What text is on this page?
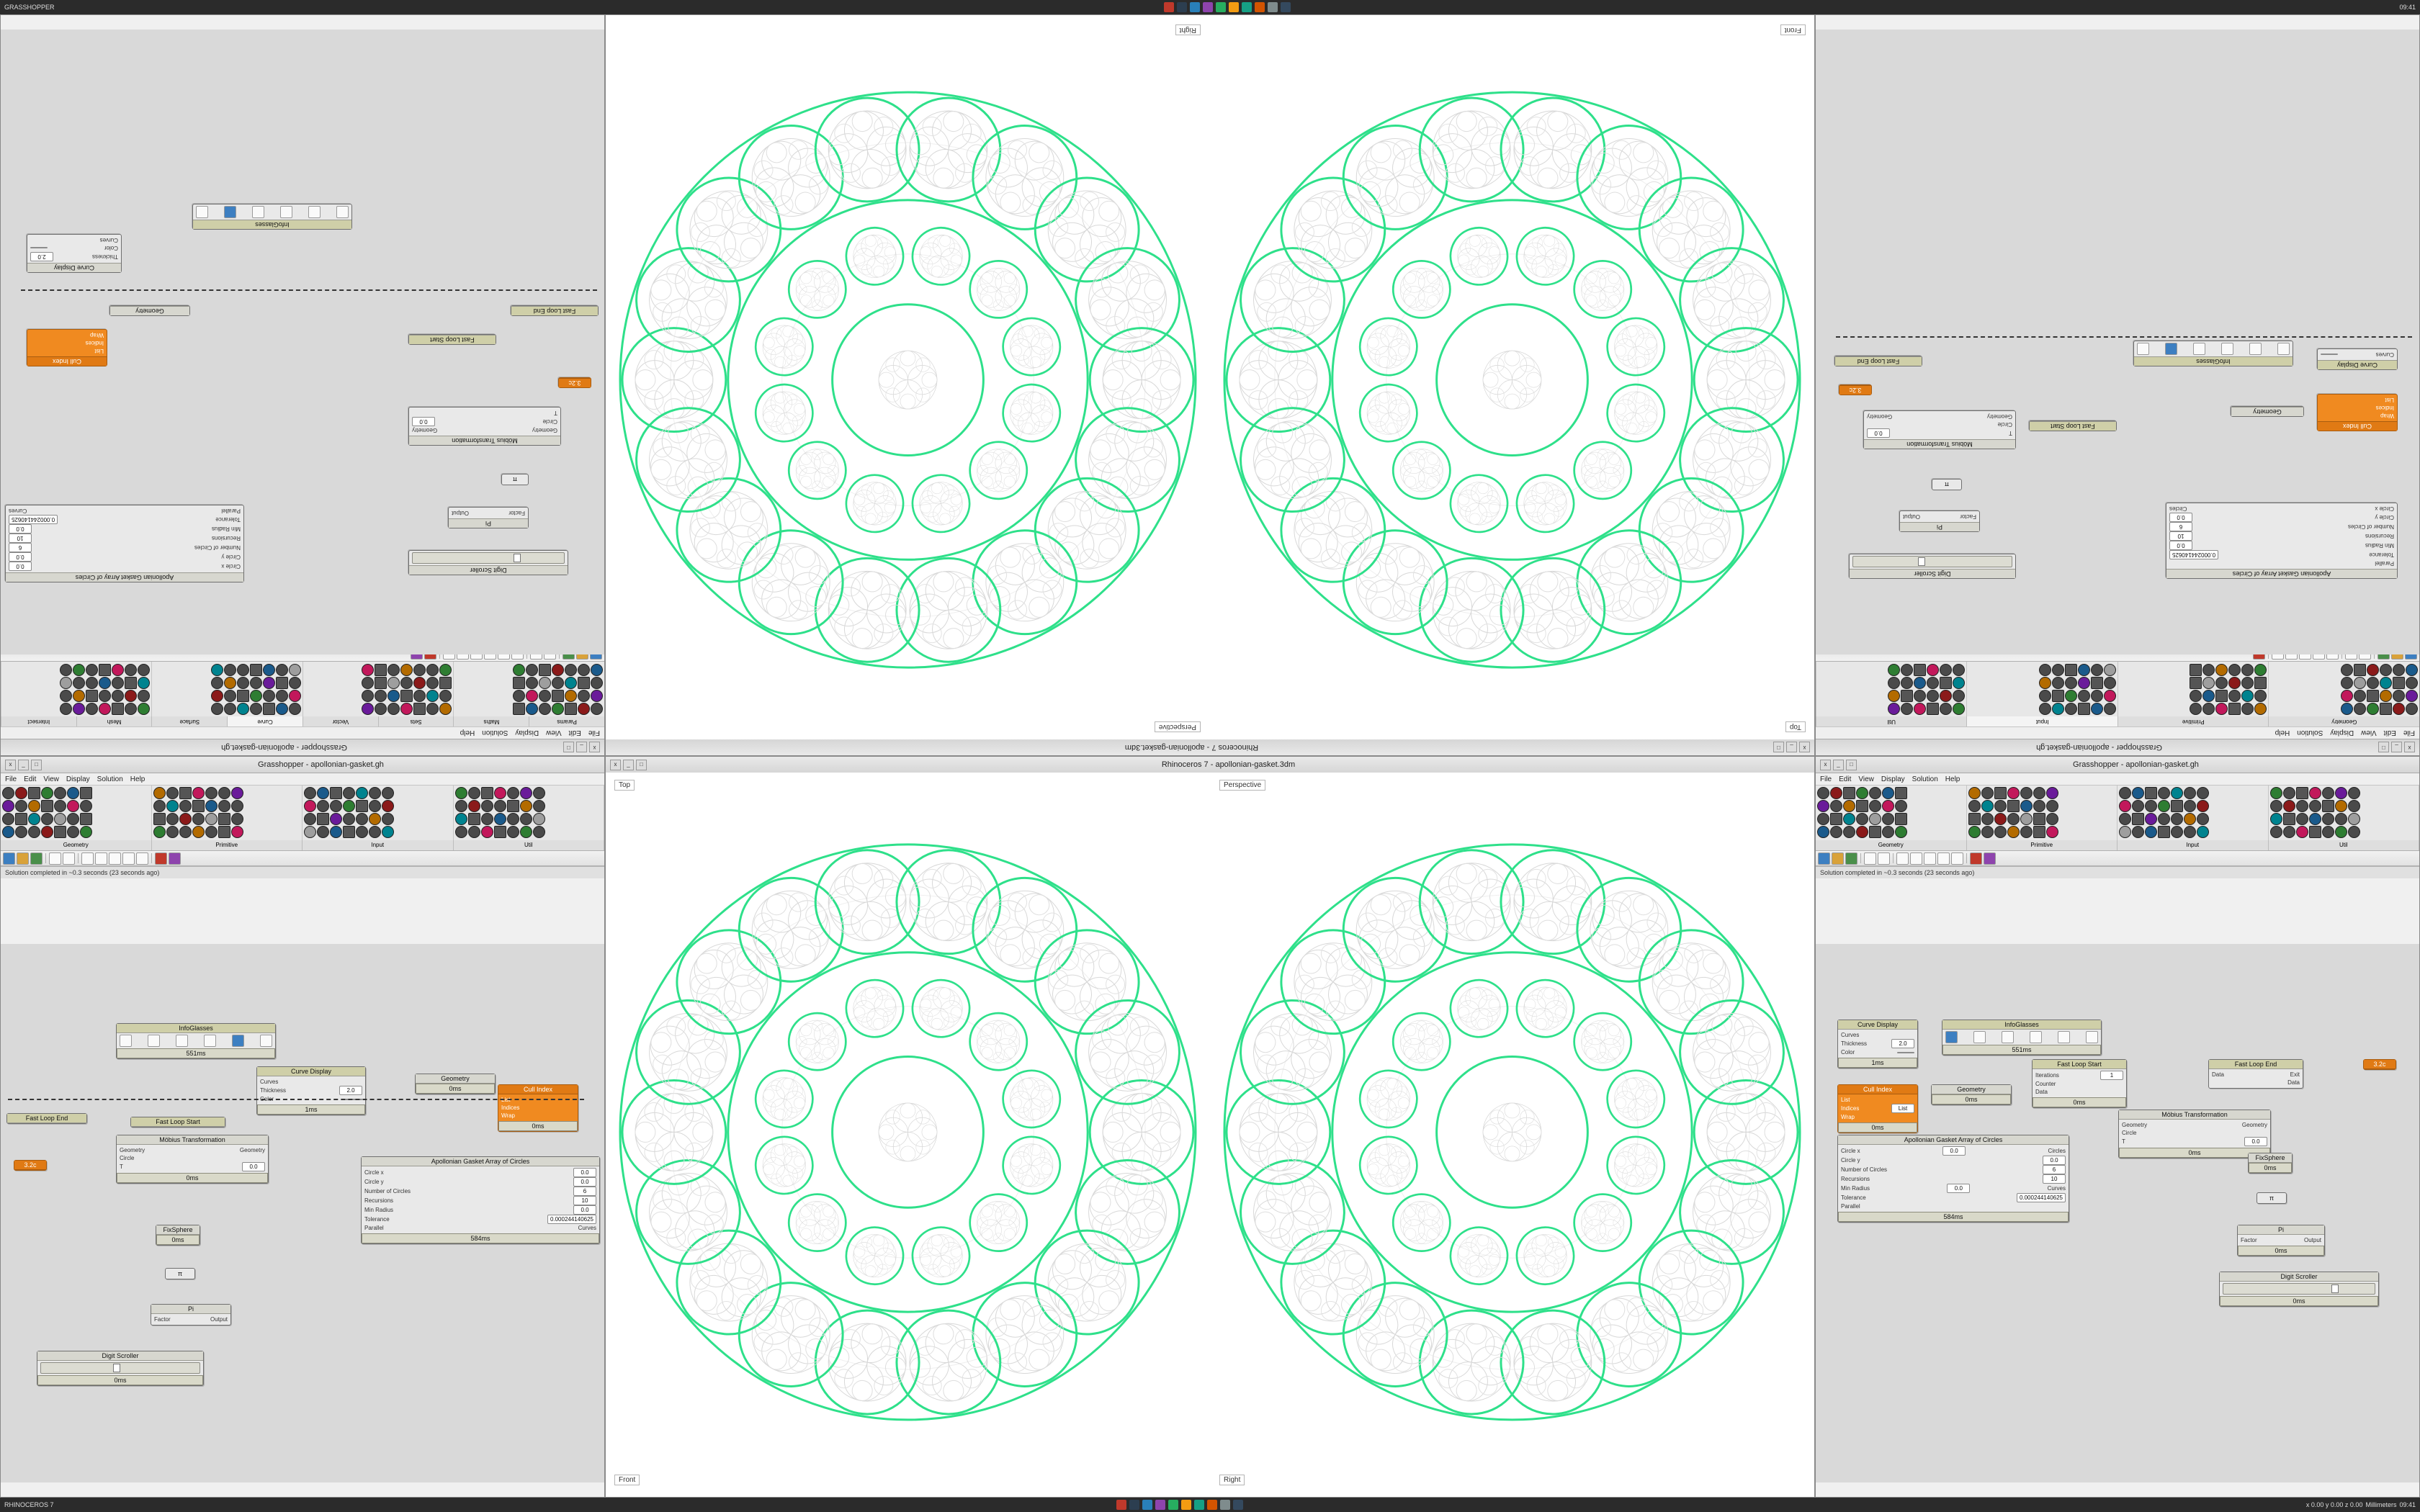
GRASSHOPPER	09:41
x
_
□
Grasshopper - apollonian-gasket.gh
File
Edit
View
Display
Solution
Help
Params
Maths
Sets
Vector
Curve
Surface
Mesh
Intersect
Digit Scroller
Pi
Factor
Output
π
Möbius Transformation
Geometry
Geometry
Circle
0.0
T
3.2c
Fast Loop Start
Fast Loop End
Apollonian Gasket Array of Circles
Circle x
0.0
Circle y
0.0
Number of Circles
6
Recursions
10
Min Radius
0.0
Tolerance
0.000244140625
Parallel
Curves
Cull Index
List
Indices
Wrap
Geometry
Curve Display
Thickness
2.0
Color
Curves
InfoGlasses
x	_	□	Grasshopper - apollonian-gasket.gh
File Edit View Display Solution Help
Geometry	Primitive	Input	Util
Curve Display
Curves
Thickness	2.0
Color
1ms
InfoGlasses
551ms
Fast Loop Start
Fast Loop End
3.2c
Möbius Transformation
Geometry	Geometry
Circle
T	0.0
0ms
FixSphere
0ms
π
Pi
Factor	Output
Digit Scroller
0ms
Apollonian Gasket Array of Circles
Circle x	0.0
Circle y	0.0
Number of Circles	6
Recursions	10
Min Radius	0.0
Tolerance	0.000244140625
Parallel	Curves
584ms
Cull Index
List
Indices
Wrap
0ms
Geometry
0ms
Solution completed in ~0.3 seconds (23 seconds ago)
x
_
□
Grasshopper - apollonian-gasket.gh
File
Edit
View
Display
Solution
Help
Geometry
Primitive
Input
Util
Apollonian Gasket Array of Circles
Parallel
Tolerance
0.000244140625
Min Radius
0.0
Recursions
10
Number of Circles
6
Circle y
0.0
Circle x
Circles
Cull Index
Wrap
Indices
List
Geometry
Curve Display
Curves
InfoGlasses
Fast Loop Start
Digit Scroller
Pi
Factor
Output
π
Möbius Transformation
T
0.0
Circle
Geometry
Geometry
3.2c
Fast Loop End
x	_	□	Grasshopper - apollonian-gasket.gh
File Edit View Display Solution Help
Geometry	Primitive	Input	Util
Curve Display
Curves
Thickness	2.0
Color
1ms
InfoGlasses
551ms
Cull Index
List
Indices	List
Wrap
0ms
Geometry
0ms
Fast Loop Start
Iterations	1
Counter
Data
0ms
Fast Loop End
Data	Exit
Data
Möbius Transformation
Geometry	Geometry
Circle
T	0.0
0ms
3.2c
FixSphere
0ms
π
Pi
Factor	Output
0ms
Digit Scroller
0ms
Apollonian Gasket Array of Circles
Circle x	0.0	Circles
Circle y	0.0
Number of Circles	6
Recursions	10
Min Radius	0.0	Curves
Tolerance	0.000244140625
Parallel
584ms
Solution completed in ~0.3 seconds (23 seconds ago)
x
_
□
Rhinoceros 7 - apollonian-gasket.3dm
Top
Perspective
Front
Right
x	_	□	Rhinoceros 7 - apollonian-gasket.3dm
Top	Perspective
Front	Right
RHINOCEROS 7	x 0.00 y 0.00 z 0.00 Millimeters 09:41
